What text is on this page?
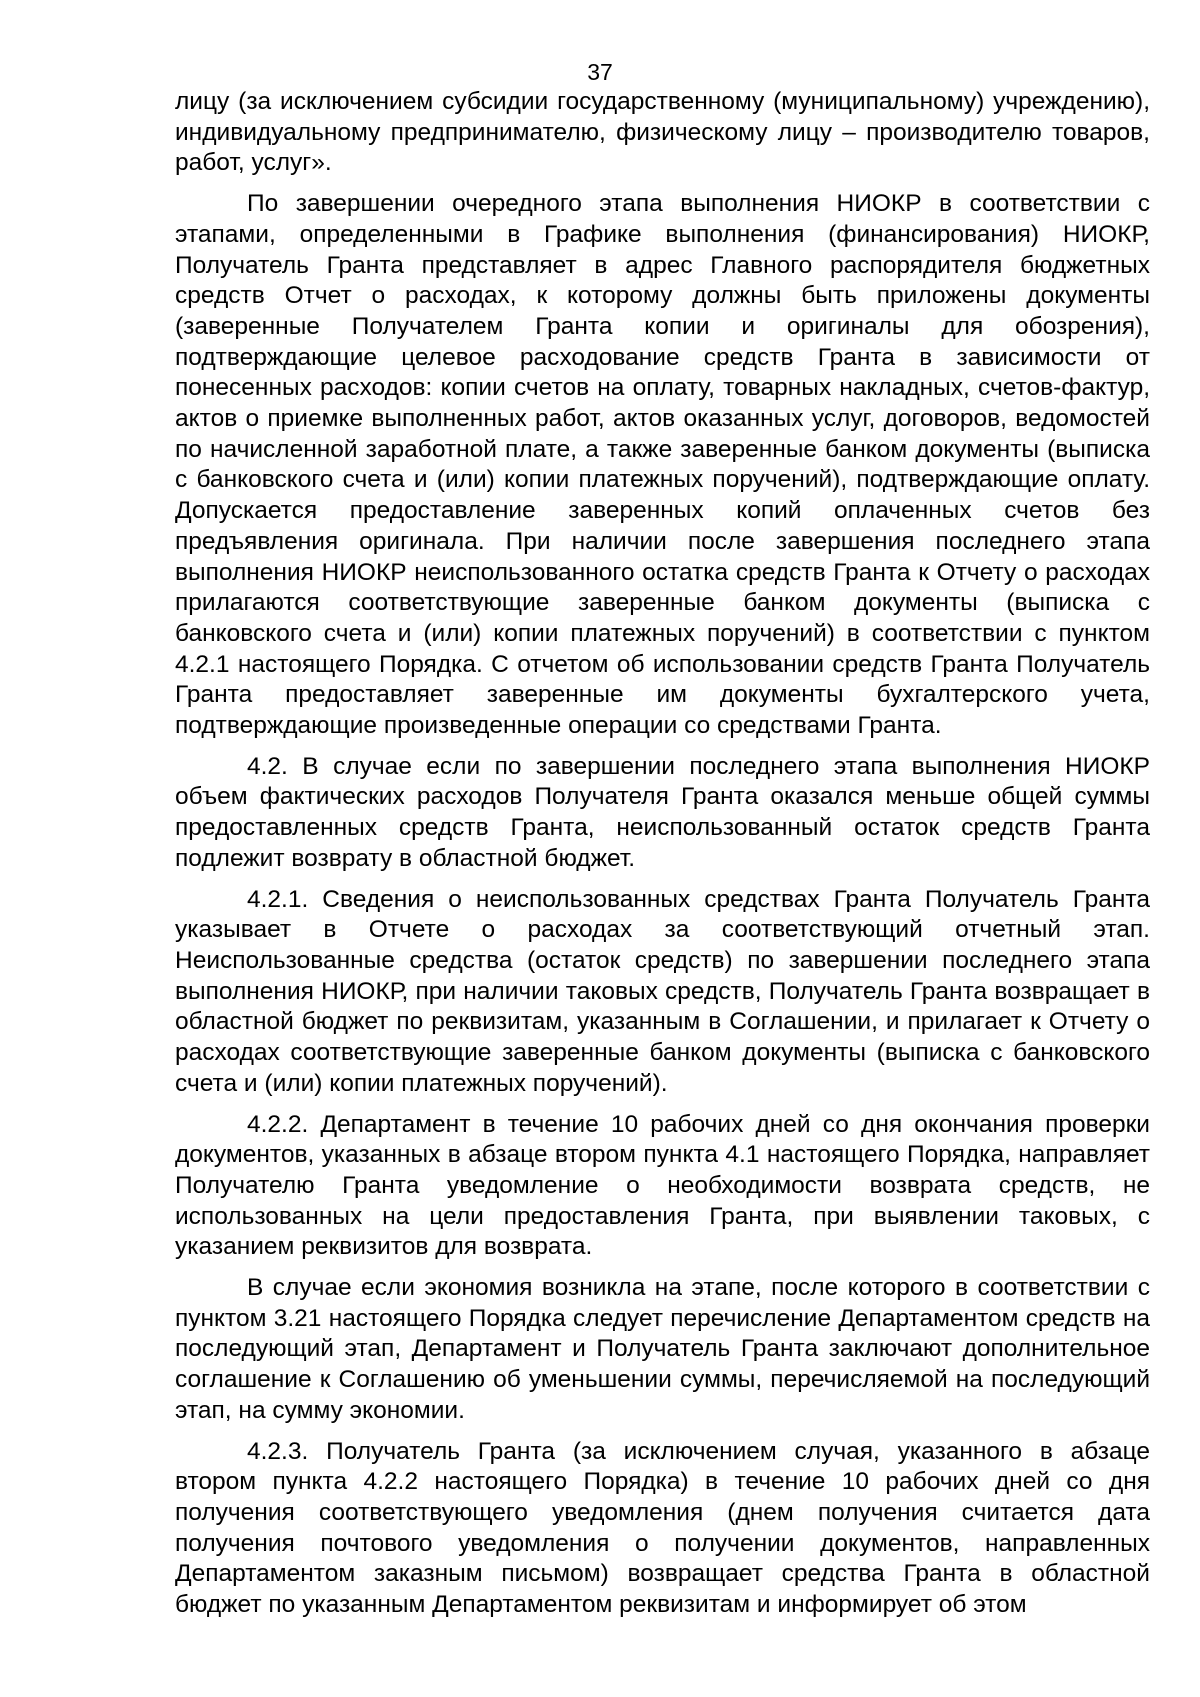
37

лицу (за исключением субсидии государственному (муниципальному) учреждению), индивидуальному предпринимателю, физическому лицу – производителю товаров, работ, услуг».

По завершении очередного этапа выполнения НИОКР в соответствии с этапами, определенными в Графике выполнения (финансирования) НИОКР, Получатель Гранта представляет в адрес Главного распорядителя бюджетных средств Отчет о расходах, к которому должны быть приложены документы (заверенные Получателем Гранта копии и оригиналы для обозрения), подтверждающие целевое расходование средств Гранта в зависимости от понесенных расходов: копии счетов на оплату, товарных накладных, счетов-фактур, актов о приемке выполненных работ, актов оказанных услуг, договоров, ведомостей по начисленной заработной плате, а также заверенные банком документы (выписка с банковского счета и (или) копии платежных поручений), подтверждающие оплату. Допускается предоставление заверенных копий оплаченных счетов без предъявления оригинала. При наличии после завершения последнего этапа выполнения НИОКР неиспользованного остатка средств Гранта к Отчету о расходах прилагаются соответствующие заверенные банком документы (выписка с банковского счета и (или) копии платежных поручений) в соответствии с пунктом 4.2.1 настоящего Порядка. С отчетом об использовании средств Гранта Получатель Гранта предоставляет заверенные им документы бухгалтерского учета, подтверждающие произведенные операции со средствами Гранта.

4.2. В случае если по завершении последнего этапа выполнения НИОКР объем фактических расходов Получателя Гранта оказался меньше общей суммы предоставленных средств Гранта, неиспользованный остаток средств Гранта подлежит возврату в областной бюджет.

4.2.1. Сведения о неиспользованных средствах Гранта Получатель Гранта указывает в Отчете о расходах за соответствующий отчетный этап. Неиспользованные средства (остаток средств) по завершении последнего этапа выполнения НИОКР, при наличии таковых средств, Получатель Гранта возвращает в областной бюджет по реквизитам, указанным в Соглашении, и прилагает к Отчету о расходах соответствующие заверенные банком документы (выписка с банковского счета и (или) копии платежных поручений).

4.2.2. Департамент в течение 10 рабочих дней со дня окончания проверки документов, указанных в абзаце втором пункта 4.1 настоящего Порядка, направляет Получателю Гранта уведомление о необходимости возврата средств, не использованных на цели предоставления Гранта, при выявлении таковых, с указанием реквизитов для возврата.

В случае если экономия возникла на этапе, после которого в соответствии с пунктом 3.21 настоящего Порядка следует перечисление Департаментом средств на последующий этап, Департамент и Получатель Гранта заключают дополнительное соглашение к Соглашению об уменьшении суммы, перечисляемой на последующий этап, на сумму экономии.

4.2.3. Получатель Гранта (за исключением случая, указанного в абзаце втором пункта 4.2.2 настоящего Порядка) в течение 10 рабочих дней со дня получения соответствующего уведомления (днем получения считается дата получения почтового уведомления о получении документов, направленных Департаментом заказным письмом) возвращает средства Гранта в областной бюджет по указанным Департаментом реквизитам и информирует об этом
